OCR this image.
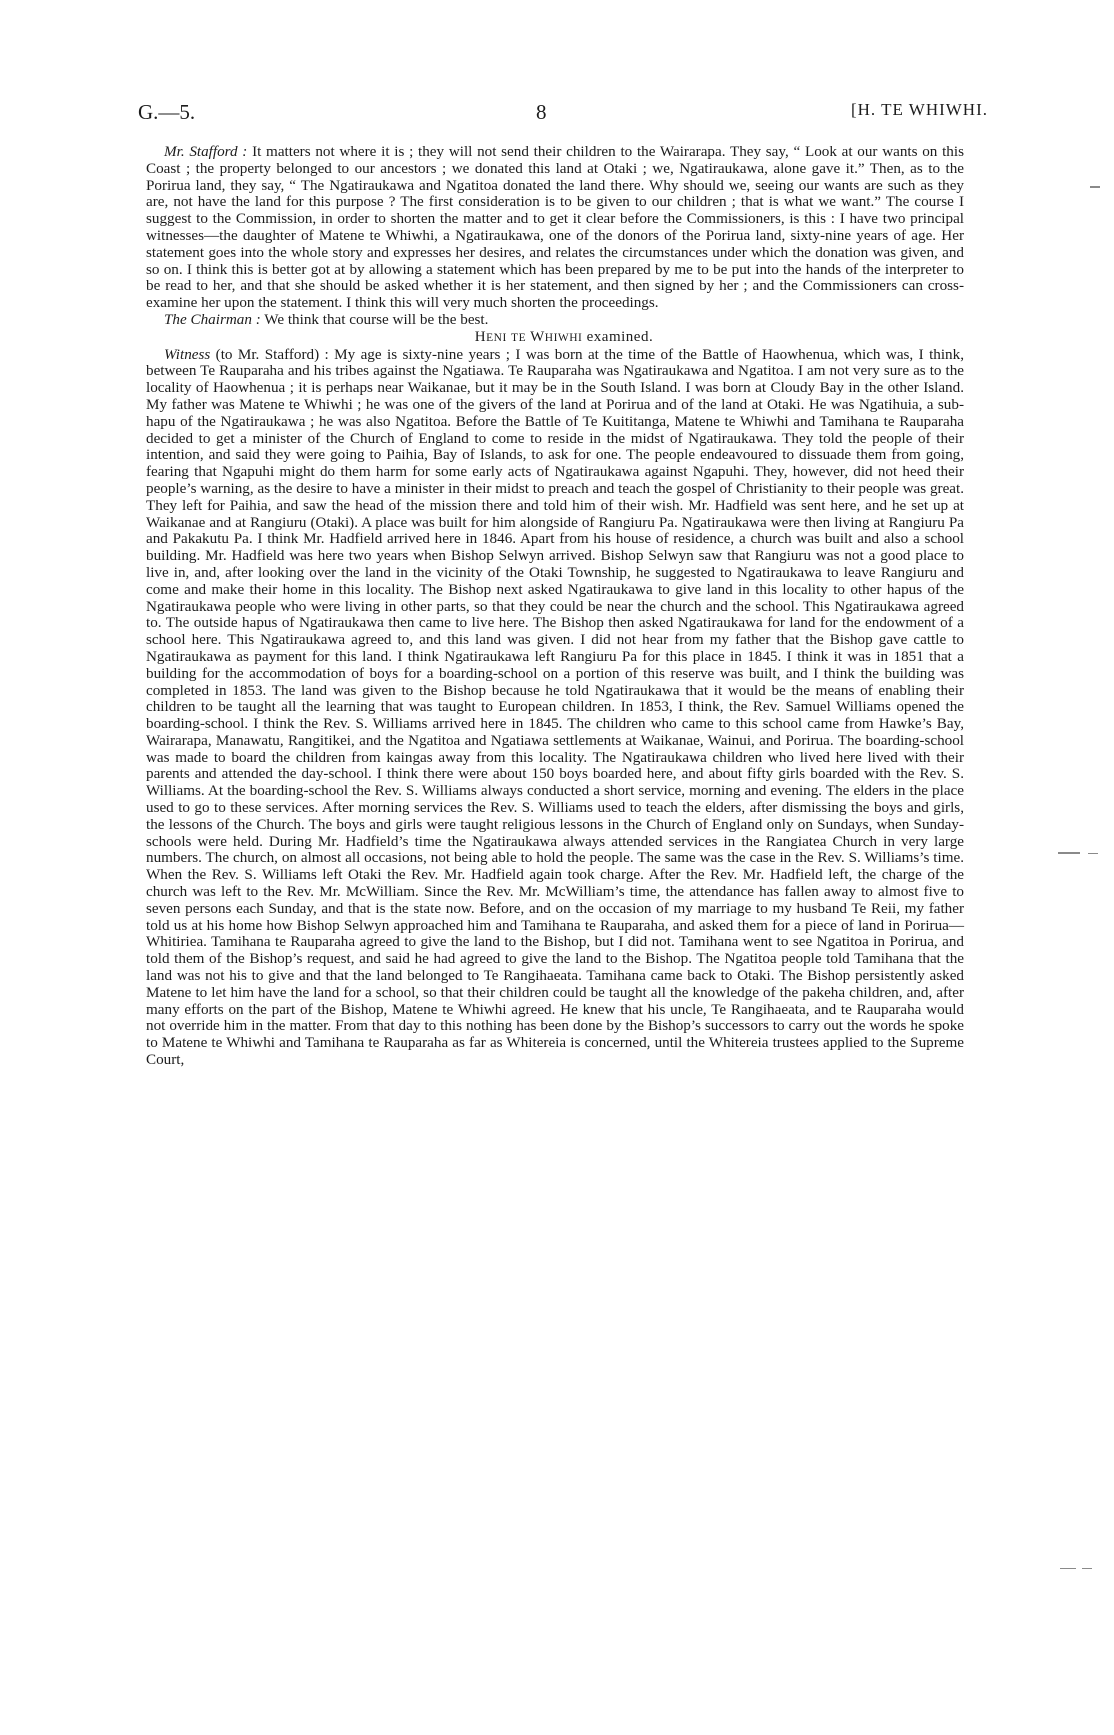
G.—5.	8	[H. TE WHIWHI.

Mr. Stafford : It matters not where it is ; they will not send their children to the Wairarapa. They say, “ Look at our wants on this Coast ; the property belonged to our ancestors ; we donated this land at Otaki ; we, Ngatiraukawa, alone gave it.” Then, as to the Porirua land, they say, “ The Ngatiraukawa and Ngatitoa donated the land there. Why should we, seeing our wants are such as they are, not have the land for this purpose ? The first consideration is to be given to our children ; that is what we want.” The course I suggest to the Commission, in order to shorten the matter and to get it clear before the Commissioners, is this : I have two principal witnesses—the daughter of Matene te Whiwhi, a Ngatiraukawa, one of the donors of the Porirua land, sixty-nine years of age. Her statement goes into the whole story and expresses her desires, and relates the circumstances under which the donation was given, and so on. I think this is better got at by allowing a statement which has been prepared by me to be put into the hands of the interpreter to be read to her, and that she should be asked whether it is her statement, and then signed by her ; and the Commissioners can cross-examine her upon the statement. I think this will very much shorten the proceedings.

The Chairman : We think that course will be the best.

HENI TE WHIWHI examined.

Witness (to Mr. Stafford) : My age is sixty-nine years ; I was born at the time of the Battle of Haowhenua, which was, I think, between Te Rauparaha and his tribes against the Ngatiawa. Te Rauparaha was Ngatiraukawa and Ngatitoa. I am not very sure as to the locality of Haowhenua ; it is perhaps near Waikanae, but it may be in the South Island. I was born at Cloudy Bay in the other Island. My father was Matene te Whiwhi ; he was one of the givers of the land at Porirua and of the land at Otaki. He was Ngatihuia, a sub-hapu of the Ngatiraukawa ; he was also Ngatitoa. Before the Battle of Te Kuititanga, Matene te Whiwhi and Tamihana te Rauparaha decided to get a minister of the Church of England to come to reside in the midst of Ngatiraukawa. They told the people of their intention, and said they were going to Paihia, Bay of Islands, to ask for one. The people endeavoured to dissuade them from going, fearing that Ngapuhi might do them harm for some early acts of Ngatiraukawa against Ngapuhi. They, however, did not heed their people’s warning, as the desire to have a minister in their midst to preach and teach the gospel of Christianity to their people was great. They left for Paihia, and saw the head of the mission there and told him of their wish. Mr. Hadfield was sent here, and he set up at Waikanae and at Rangiuru (Otaki). A place was built for him alongside of Rangiuru Pa. Ngatiraukawa were then living at Rangiuru Pa and Pakakutu Pa. I think Mr. Hadfield arrived here in 1846. Apart from his house of residence, a church was built and also a school building. Mr. Hadfield was here two years when Bishop Selwyn arrived. Bishop Selwyn saw that Rangiuru was not a good place to live in, and, after looking over the land in the vicinity of the Otaki Township, he suggested to Ngatiraukawa to leave Rangiuru and come and make their home in this locality. The Bishop next asked Ngatiraukawa to give land in this locality to other hapus of the Ngatiraukawa people who were living in other parts, so that they could be near the church and the school. This Ngatiraukawa agreed to. The outside hapus of Ngatiraukawa then came to live here. The Bishop then asked Ngatiraukawa for land for the endowment of a school here. This Ngatiraukawa agreed to, and this land was given. I did not hear from my father that the Bishop gave cattle to Ngatiraukawa as payment for this land. I think Ngatiraukawa left Rangiuru Pa for this place in 1845. I think it was in 1851 that a building for the accommodation of boys for a boarding-school on a portion of this reserve was built, and I think the building was completed in 1853. The land was given to the Bishop because he told Ngatiraukawa that it would be the means of enabling their children to be taught all the learning that was taught to European children. In 1853, I think, the Rev. Samuel Williams opened the boarding-school. I think the Rev. S. Williams arrived here in 1845. The children who came to this school came from Hawke’s Bay, Wairarapa, Manawatu, Rangitikei, and the Ngatitoa and Ngatiawa settlements at Waikanae, Wainui, and Porirua. The boarding-school was made to board the children from kaingas away from this locality. The Ngatiraukawa children who lived here lived with their parents and attended the day-school. I think there were about 150 boys boarded here, and about fifty girls boarded with the Rev. S. Williams. At the boarding-school the Rev. S. Williams always conducted a short service, morning and evening. The elders in the place used to go to these services. After morning services the Rev. S. Williams used to teach the elders, after dismissing the boys and girls, the lessons of the Church. The boys and girls were taught religious lessons in the Church of England only on Sundays, when Sunday-schools were held. During Mr. Hadfield’s time the Ngatiraukawa always attended services in the Rangiatea Church in very large numbers. The church, on almost all occasions, not being able to hold the people. The same was the case in the Rev. S. Williams’s time. When the Rev. S. Williams left Otaki the Rev. Mr. Hadfield again took charge. After the Rev. Mr. Hadfield left, the charge of the church was left to the Rev. Mr. McWilliam. Since the Rev. Mr. McWilliam’s time, the attendance has fallen away to almost five to seven persons each Sunday, and that is the state now. Before, and on the occasion of my marriage to my husband Te Reii, my father told us at his home how Bishop Selwyn approached him and Tamihana te Rauparaha, and asked them for a piece of land in Porirua—Whitiriea. Tamihana te Rauparaha agreed to give the land to the Bishop, but I did not. Tamihana went to see Ngatitoa in Porirua, and told them of the Bishop’s request, and said he had agreed to give the land to the Bishop. The Ngatitoa people told Tamihana that the land was not his to give and that the land belonged to Te Rangihaeata. Tamihana came back to Otaki. The Bishop persistently asked Matene to let him have the land for a school, so that their children could be taught all the knowledge of the pakeha children, and, after many efforts on the part of the Bishop, Matene te Whiwhi agreed. He knew that his uncle, Te Rangihaeata, and te Rauparaha would not override him in the matter. From that day to this nothing has been done by the Bishop’s successors to carry out the words he spoke to Matene te Whiwhi and Tamihana te Rauparaha as far as Whitereia is concerned, until the Whitereia trustees applied to the Supreme Court,
